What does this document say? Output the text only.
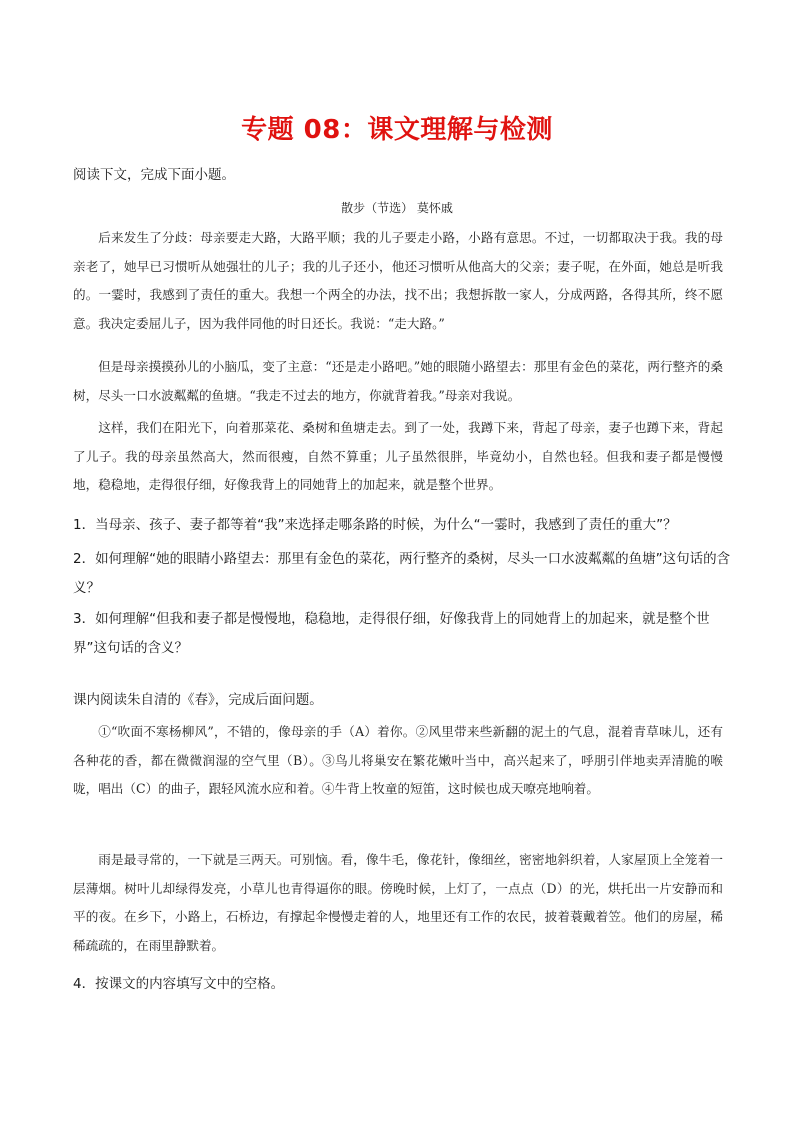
专题 08：课文理解与检测
阅读下文，完成下面小题。
散步（节选） 莫怀戚

后来发生了分歧：母亲要走大路，大路平顺；我的儿子要走小路，小路有意思。不过，一切都取决于我。我的母亲老了，她早已习惯听从她强壮的儿子；我的儿子还小，他还习惯听从他高大的父亲；妻子呢，在外面，她总是听我的。一霎时，我感到了责任的重大。我想一个两全的办法，找不出；我想拆散一家人，分成两路，各得其所，终不愿意。我决定委屈儿子，因为我伴同他的时日还长。我说：“走大路。”

但是母亲摸摸孙儿的小脑瓜，变了主意：“还是走小路吧。”她的眼随小路望去：那里有金色的菜花，两行整齐的桑树，尽头一口水波粼粼的鱼塘。“我走不过去的地方，你就背着我。”母亲对我说。

这样，我们在阳光下，向着那菜花、桑树和鱼塘走去。到了一处，我蹲下来，背起了母亲，妻子也蹲下来，背起了儿子。我的母亲虽然高大，然而很瘦，自然不算重；儿子虽然很胖，毕竟幼小，自然也轻。但我和妻子都是慢慢地，稳稳地，走得很仔细，好像我背上的同她背上的加起来，就是整个世界。

1．当母亲、孩子、妻子都等着“我”来选择走哪条路的时候，为什么“一霎时，我感到了责任的重大”？

2．如何理解“她的眼睛小路望去：那里有金色的菜花，两行整齐的桑树，尽头一口水波粼粼的鱼塘”这句话的含义？

3．如何理解“但我和妻子都是慢慢地，稳稳地，走得很仔细，好像我背上的同她背上的加起来，就是整个世界”这句话的含义？

课内阅读朱自清的《春》，完成后面问题。

①“吹面不寒杨柳风”，不错的，像母亲的手（A）着你。②风里带来些新翻的泥土的气息，混着青草味儿，还有各种花的香，都在微微润湿的空气里（B）。③鸟儿将巢安在繁花嫩叶当中，高兴起来了，呼朋引伴地卖弄清脆的喉咙，唱出（C）的曲子，跟轻风流水应和着。④牛背上牧童的短笛，这时候也成天嘹亮地响着。

雨是最寻常的，一下就是三两天。可别恼。看，像牛毛，像花针，像细丝，密密地斜织着，人家屋顶上全笼着一层薄烟。树叶儿却绿得发亮，小草儿也青得逼你的眼。傍晚时候，上灯了，一点点（D）的光，烘托出一片安静而和平的夜。在乡下，小路上，石桥边，有撑起伞慢慢走着的人，地里还有工作的农民，披着蓑戴着笠。他们的房屋，稀稀疏疏的，在雨里静默着。

4．按课文的内容填写文中的空格。
